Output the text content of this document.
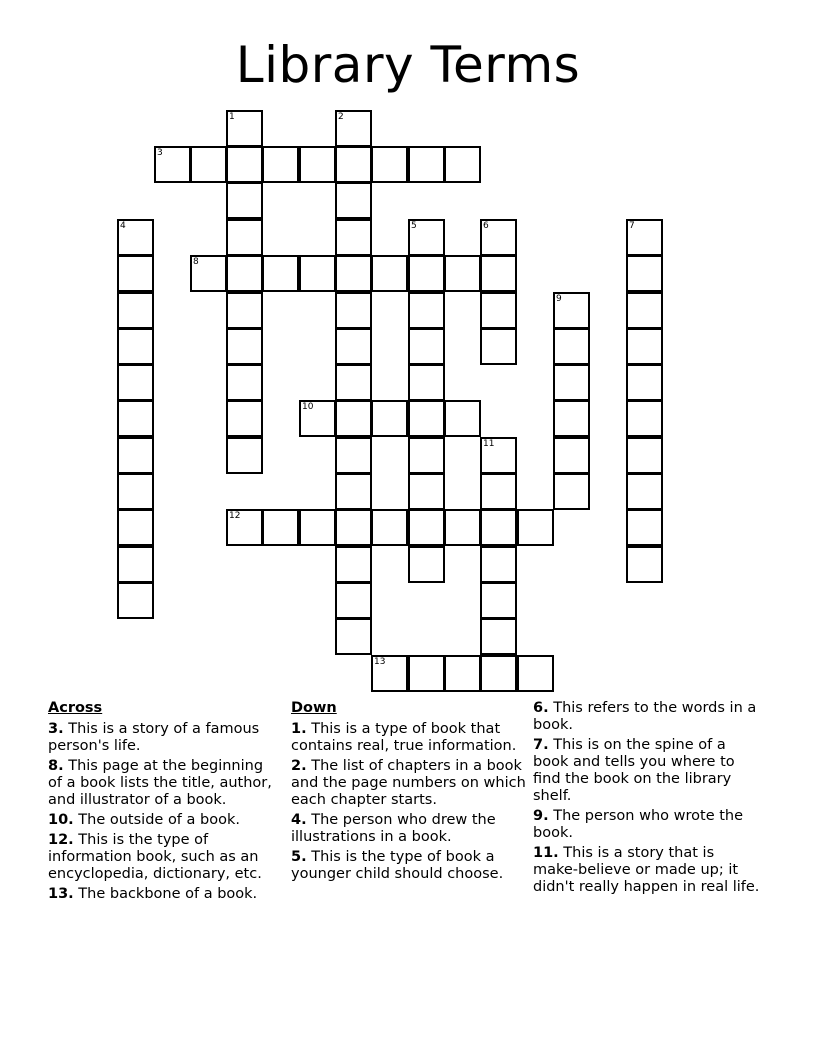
Library Terms
1	2
3
4	5	6	7
8
9
10
11
12
13
Across
3. This is a story of a famous person's life.
8. This page at the beginning of a book lists the title, author, and illustrator of a book.
10. The outside of a book.
12. This is the type of information book, such as an encyclopedia, dictionary, etc.
13. The backbone of a book.
Down
1. This is a type of book that contains real, true information.
2. The list of chapters in a book and the page numbers on which each chapter starts.
4. The person who drew the illustrations in a book.
5. This is the type of book a younger child should choose.
6. This refers to the words in a book.
7. This is on the spine of a book and tells you where to find the book on the library shelf.
9. The person who wrote the book.
11. This is a story that is make-believe or made up; it didn't really happen in real life.
